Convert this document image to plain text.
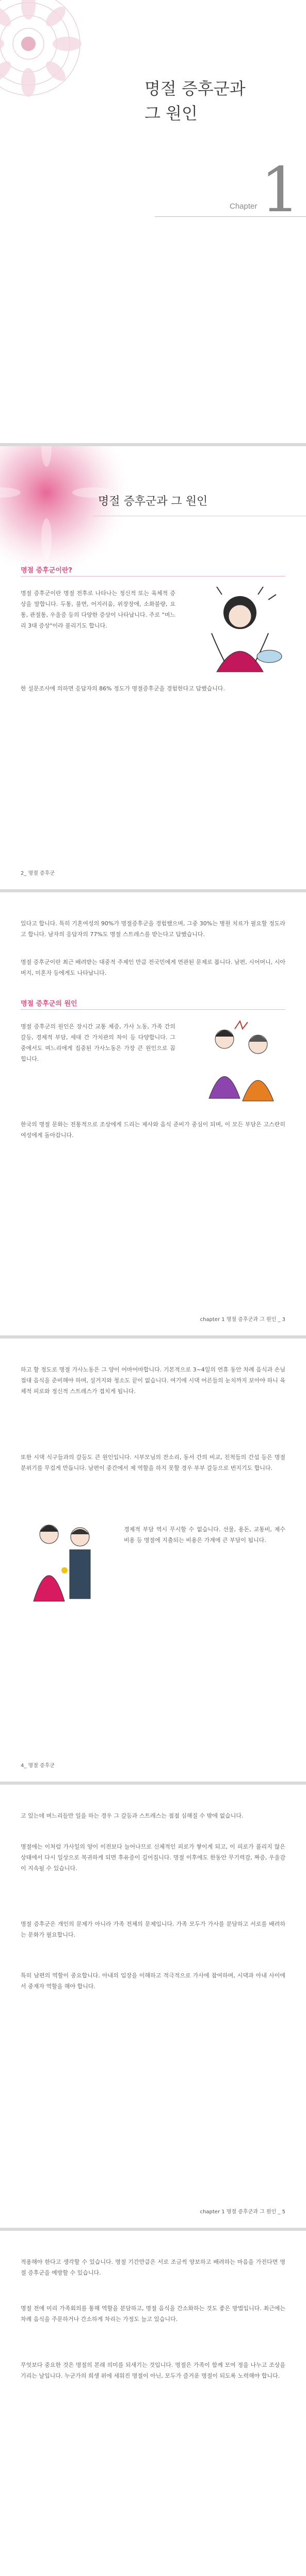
명절 증후군과
그 원인
Chapter 1
명절 증후군과 그 원인
명절 증후군이란?
명절 증후군이란 명절 전후로 나타나는 정신적 또는 육체적 증상을 말합니다. 두통, 불면, 어지러움, 위장장애, 소화불량, 요통, 관절통, 우울증 등의 다양한 증상이 나타납니다. 주로 "며느리 3대 증상"이라 불리기도 합니다.
한 설문조사에 의하면 응답자의 86% 정도가 명절증후군을 경험한다고 답했습니다.
2_ 명절 증후군
있다고 합니다. 특히 기혼여성의 90%가 명절증후군을 경험했으며, 그중 30%는 병원 치료가 필요할 정도라고 합니다. 남자의 응답자의 77%도 명절 스트레스를 받는다고 답했습니다.
명절 증후군이란 최근 배려받는 대중적 주제인 만큼 전국민에게 연관된 문제로 봅니다. 남편, 시어머니, 시아버지, 미혼자 등에게도 나타납니다.
명절 증후군의 원인
명절 증후군의 원인은 장시간 교통 체증, 가사 노동, 가족 간의 갈등, 경제적 부담, 세대 간 가치관의 차이 등 다양합니다. 그 중에서도 며느리에게 집중된 가사노동은 가장 큰 원인으로 꼽힙니다.
한국의 명절 문화는 전통적으로 조상에게 드리는 제사와 음식 준비가 중심이 되며, 이 모든 부담은 고스란히 여성에게 돌아갑니다.
chapter 1 명절 증후군과 그 원인 _ 3
하고 할 정도로 명절 가사노동은 그 양이 어마어마합니다. 기본적으로 3~4일의 연휴 동안 차례 음식과 손님 접대 음식을 준비해야 하며, 설거지와 청소도 끝이 없습니다. 여기에 시댁 어른들의 눈치까지 보아야 하니 육체적 피로와 정신적 스트레스가 겹치게 됩니다.
또한 시댁 식구들과의 갈등도 큰 원인입니다. 시부모님의 잔소리, 동서 간의 비교, 친척들의 간섭 등은 명절 분위기를 무겁게 만듭니다. 남편이 중간에서 제 역할을 하지 못할 경우 부부 갈등으로 번지기도 합니다.
경제적 부담 역시 무시할 수 없습니다. 선물, 용돈, 교통비, 제수 비용 등 명절에 지출되는 비용은 가계에 큰 부담이 됩니다.
4_ 명절 증후군
고 있는데 며느리들만 일을 하는 경우 그 갈등과 스트레스는 점점 심해질 수 밖에 없습니다.
명절에는 이처럼 가사일의 양이 이전보다 늘어나므로 신체적인 피로가 쌓이게 되고, 이 피로가 풀리지 않은 상태에서 다시 일상으로 복귀하게 되면 후유증이 길어집니다. 명절 이후에도 한동안 무기력감, 짜증, 우울감이 지속될 수 있습니다.
명절 증후군은 개인의 문제가 아니라 가족 전체의 문제입니다. 가족 모두가 가사를 분담하고 서로를 배려하는 문화가 필요합니다.
특히 남편의 역할이 중요합니다. 아내의 입장을 이해하고 적극적으로 가사에 참여하며, 시댁과 아내 사이에서 중재자 역할을 해야 합니다.
chapter 1 명절 증후군과 그 원인 _ 5
적용해야 한다고 생각할 수 있습니다. 명절 기간만큼은 서로 조금씩 양보하고 배려하는 마음을 가진다면 명절 증후군을 예방할 수 있습니다.
명절 전에 미리 가족회의를 통해 역할을 분담하고, 명절 음식을 간소화하는 것도 좋은 방법입니다. 최근에는 차례 음식을 주문하거나 간소하게 차리는 가정도 늘고 있습니다.
무엇보다 중요한 것은 명절의 본래 의미를 되새기는 것입니다. 명절은 가족이 함께 모여 정을 나누고 조상을 기리는 날입니다. 누군가의 희생 위에 세워진 명절이 아닌, 모두가 즐거운 명절이 되도록 노력해야 합니다.
